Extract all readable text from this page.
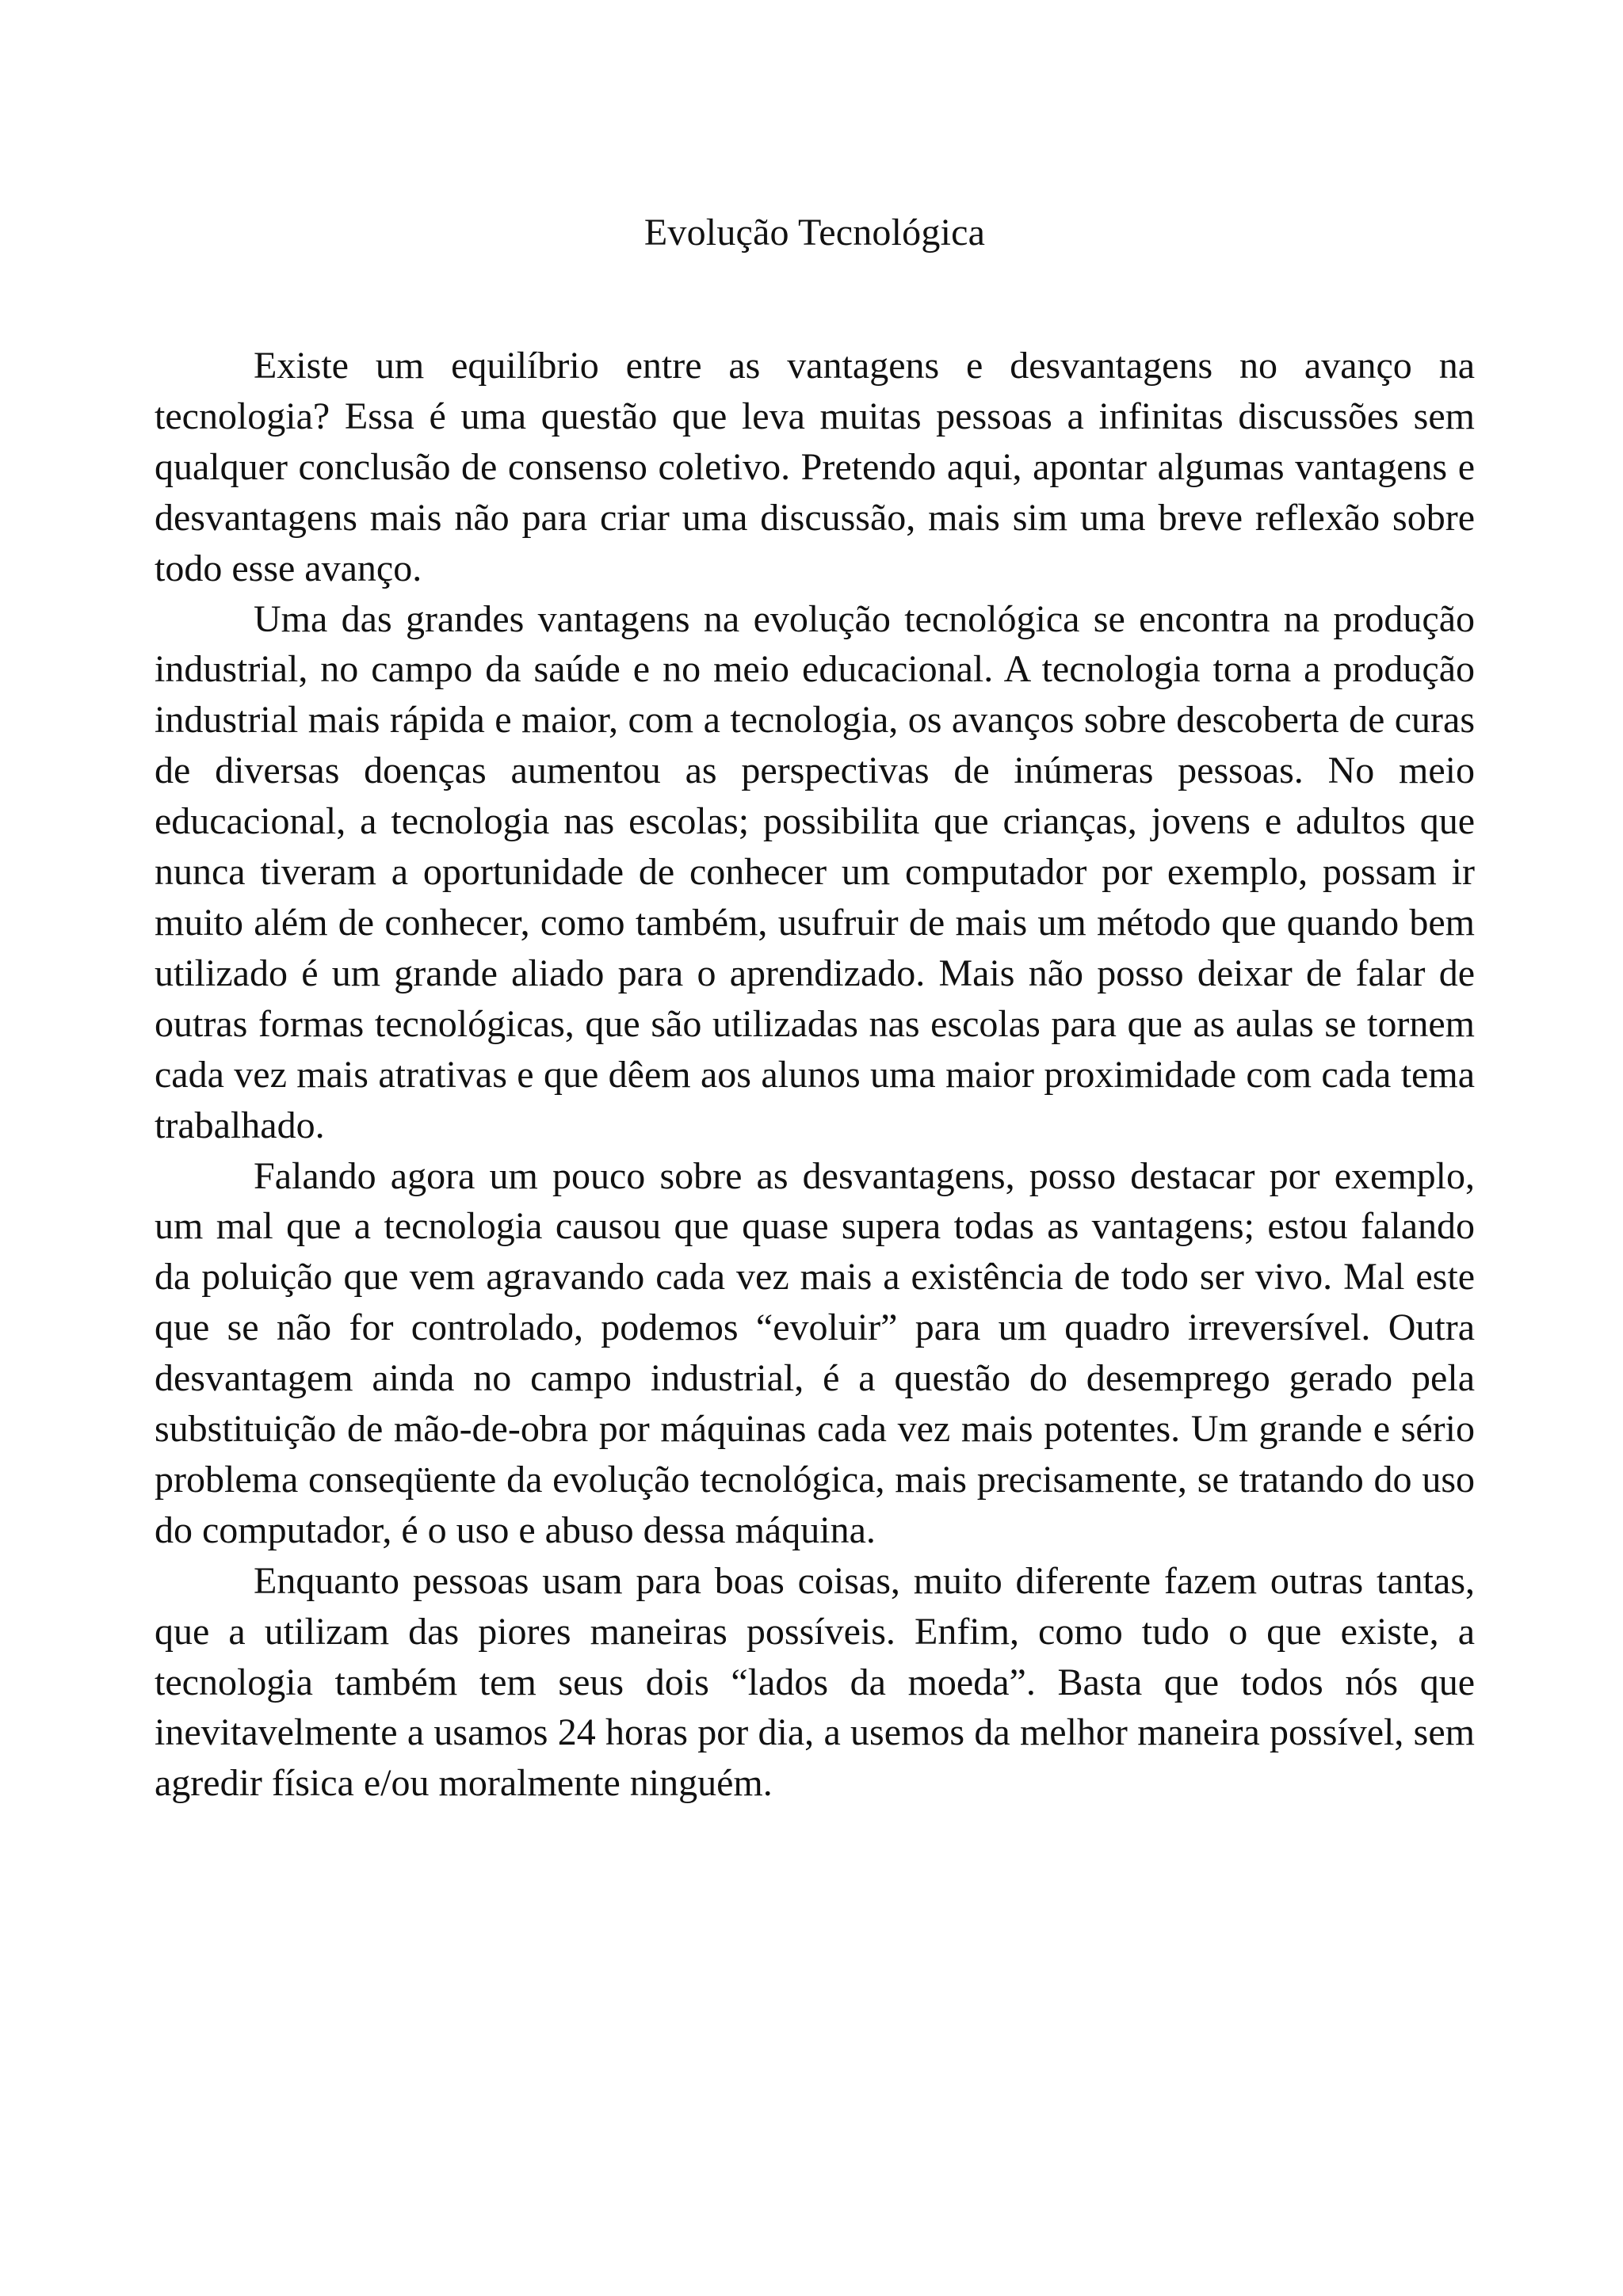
Evolução Tecnológica

Existe um equilíbrio entre as vantagens e desvantagens no avanço na tecnologia? Essa é uma questão que leva muitas pessoas a infinitas discussões sem qualquer conclusão de consenso coletivo. Pretendo aqui, apontar algumas vantagens e desvantagens mais não para criar uma discussão, mais sim uma breve reflexão sobre todo esse avanço.

Uma das grandes vantagens na evolução tecnológica se encontra na produção industrial, no campo da saúde e no meio educacional. A tecnologia torna a produção industrial mais rápida e maior, com a tecnologia, os avanços sobre descoberta de curas de diversas doenças aumentou as perspectivas de inúmeras pessoas. No meio educacional, a tecnologia nas escolas; possibilita que crianças, jovens e adultos que nunca tiveram a oportunidade de conhecer um computador por exemplo, possam ir muito além de conhecer, como também, usufruir de mais um método que quando bem utilizado é um grande aliado para o aprendizado. Mais não posso deixar de falar de outras formas tecnológicas, que são utilizadas nas escolas para que as aulas se tornem cada vez mais atrativas e que dêem aos alunos uma maior proximidade com cada tema trabalhado.

Falando agora um pouco sobre as desvantagens, posso destacar por exemplo, um mal que a tecnologia causou que quase supera todas as vantagens; estou falando da poluição que vem agravando cada vez mais a existência de todo ser vivo. Mal este que se não for controlado, podemos “evoluir” para um quadro irreversível. Outra desvantagem ainda no campo industrial, é a questão do desemprego gerado pela substituição de mão-de-obra por máquinas cada vez mais potentes. Um grande e sério problema conseqüente da evolução tecnológica, mais precisamente, se tratando do uso do computador, é o uso e abuso dessa máquina.

Enquanto pessoas usam para boas coisas, muito diferente fazem outras tantas, que a utilizam das piores maneiras possíveis. Enfim, como tudo o que existe, a tecnologia também tem seus dois “lados da moeda”. Basta que todos nós que inevitavelmente a usamos 24 horas por dia, a usemos da melhor maneira possível, sem agredir física e/ou moralmente ninguém.
